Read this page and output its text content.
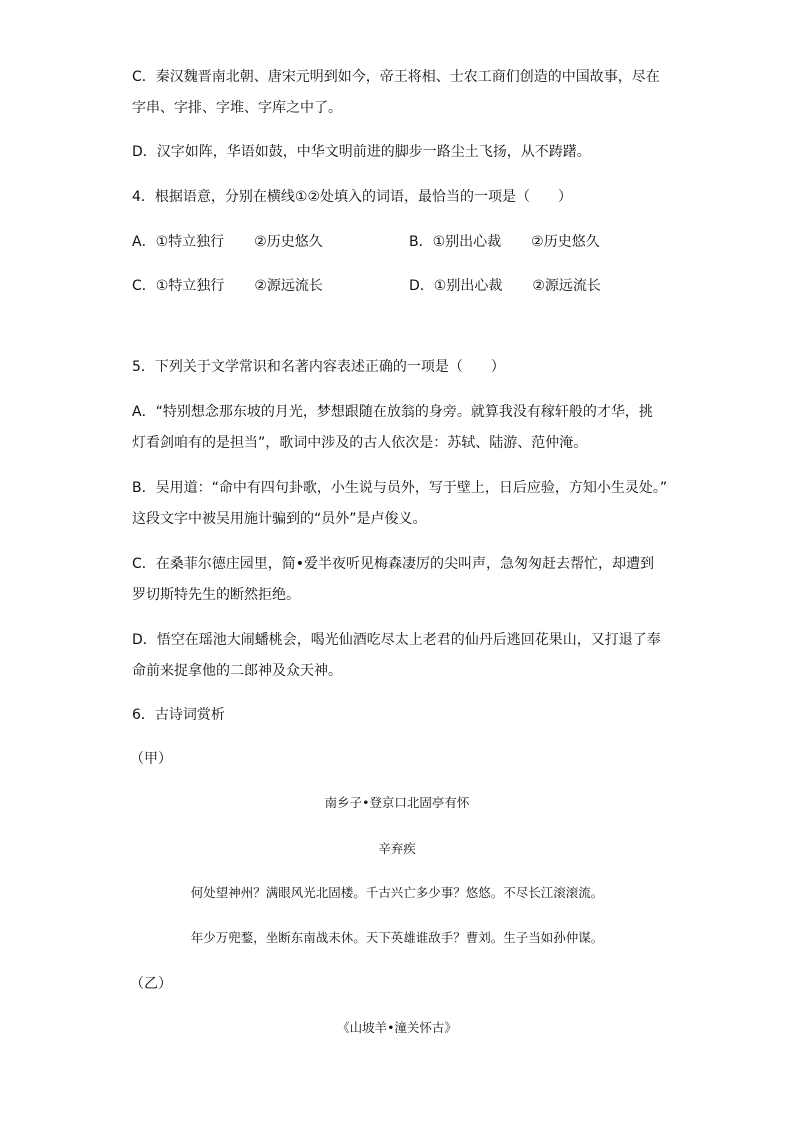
C．秦汉魏晋南北朝、唐宋元明到如今，帝王将相、士农工商们创造的中国故事，尽在
字串、字排、字堆、字库之中了。
D．汉字如阵，华语如鼓，中华文明前进的脚步一路尘土飞扬，从不踌躇。
4．根据语意，分别在横线①②处填入的词语，最恰当的一项是（　　）
A．①特立独行 ②历史悠久	B．①别出心裁 ②历史悠久
C．①特立独行 ②源远流长	D．①别出心裁 ②源远流长
5．下列关于文学常识和名著内容表述正确的一项是（　　）
A．“特别想念那东坡的月光，梦想跟随在放翁的身旁。就算我没有稼轩般的才华，挑
灯看剑咱有的是担当”，歌词中涉及的古人依次是：苏轼、陆游、范仲淹。
B．吴用道：“命中有四句卦歌，小生说与员外，写于壁上，日后应验，方知小生灵处。”
这段文字中被吴用施计骗到的“员外”是卢俊义。
C．在桑菲尔德庄园里，简•爱半夜听见梅森凄厉的尖叫声，急匆匆赶去帮忙，却遭到
罗切斯特先生的断然拒绝。
D．悟空在瑶池大闹蟠桃会，喝光仙酒吃尽太上老君的仙丹后逃回花果山，又打退了奉
命前来捉拿他的二郎神及众天神。
6．古诗词赏析
（甲）
南乡子•登京口北固亭有怀
辛弃疾
何处望神州？满眼风光北固楼。千古兴亡多少事？悠悠。不尽长江滚滚流。
年少万兜鍪，坐断东南战未休。天下英雄谁敌手？曹刘。生子当如孙仲谋。
（乙）
《山坡羊•潼关怀古》
